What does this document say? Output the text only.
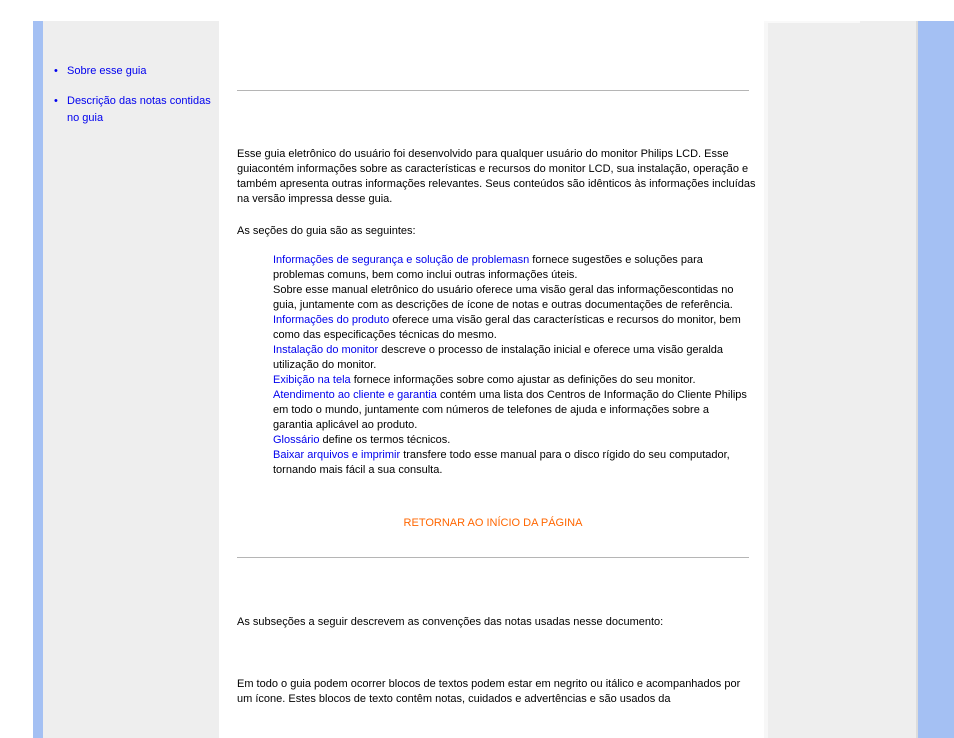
• Sobre esse guia
• Descrição das notas contidas no guia

Esse guia eletrônico do usuário foi desenvolvido para qualquer usuário do monitor Philips LCD. Esse guiacontém informações sobre as características e recursos do monitor LCD, sua instalação, operação e também apresenta outras informações relevantes. Seus conteúdos são idênticos às informações incluídas na versão impressa desse guia.

As seções do guia são as seguintes:

Informações de segurança e solução de problemasn fornece sugestões e soluções para problemas comuns, bem como inclui outras informações úteis.
Sobre esse manual eletrônico do usuário oferece uma visão geral das informaçõescontidas no guia, juntamente com as descrições de ícone de notas e outras documentações de referência.
Informações do produto oferece uma visão geral das características e recursos do monitor, bem como das especificações técnicas do mesmo.
Instalação do monitor descreve o processo de instalação inicial e oferece uma visão geralda utilização do monitor.
Exibição na tela fornece informações sobre como ajustar as definições do seu monitor.
Atendimento ao cliente e garantia contém uma lista dos Centros de Informação do Cliente Philips em todo o mundo, juntamente com números de telefones de ajuda e informações sobre a garantia aplicável ao produto.
Glossário define os termos técnicos.
Baixar arquivos e imprimir transfere todo esse manual para o disco rígido do seu computador, tornando mais fácil a sua consulta.
RETORNAR AO INÍCIO DA PÁGINA

As subseções a seguir descrevem as convenções das notas usadas nesse documento:

Em todo o guia podem ocorrer blocos de textos podem estar em negrito ou itálico e acompanhados por um ícone. Estes blocos de texto contêm notas, cuidados e advertências e são usados da
